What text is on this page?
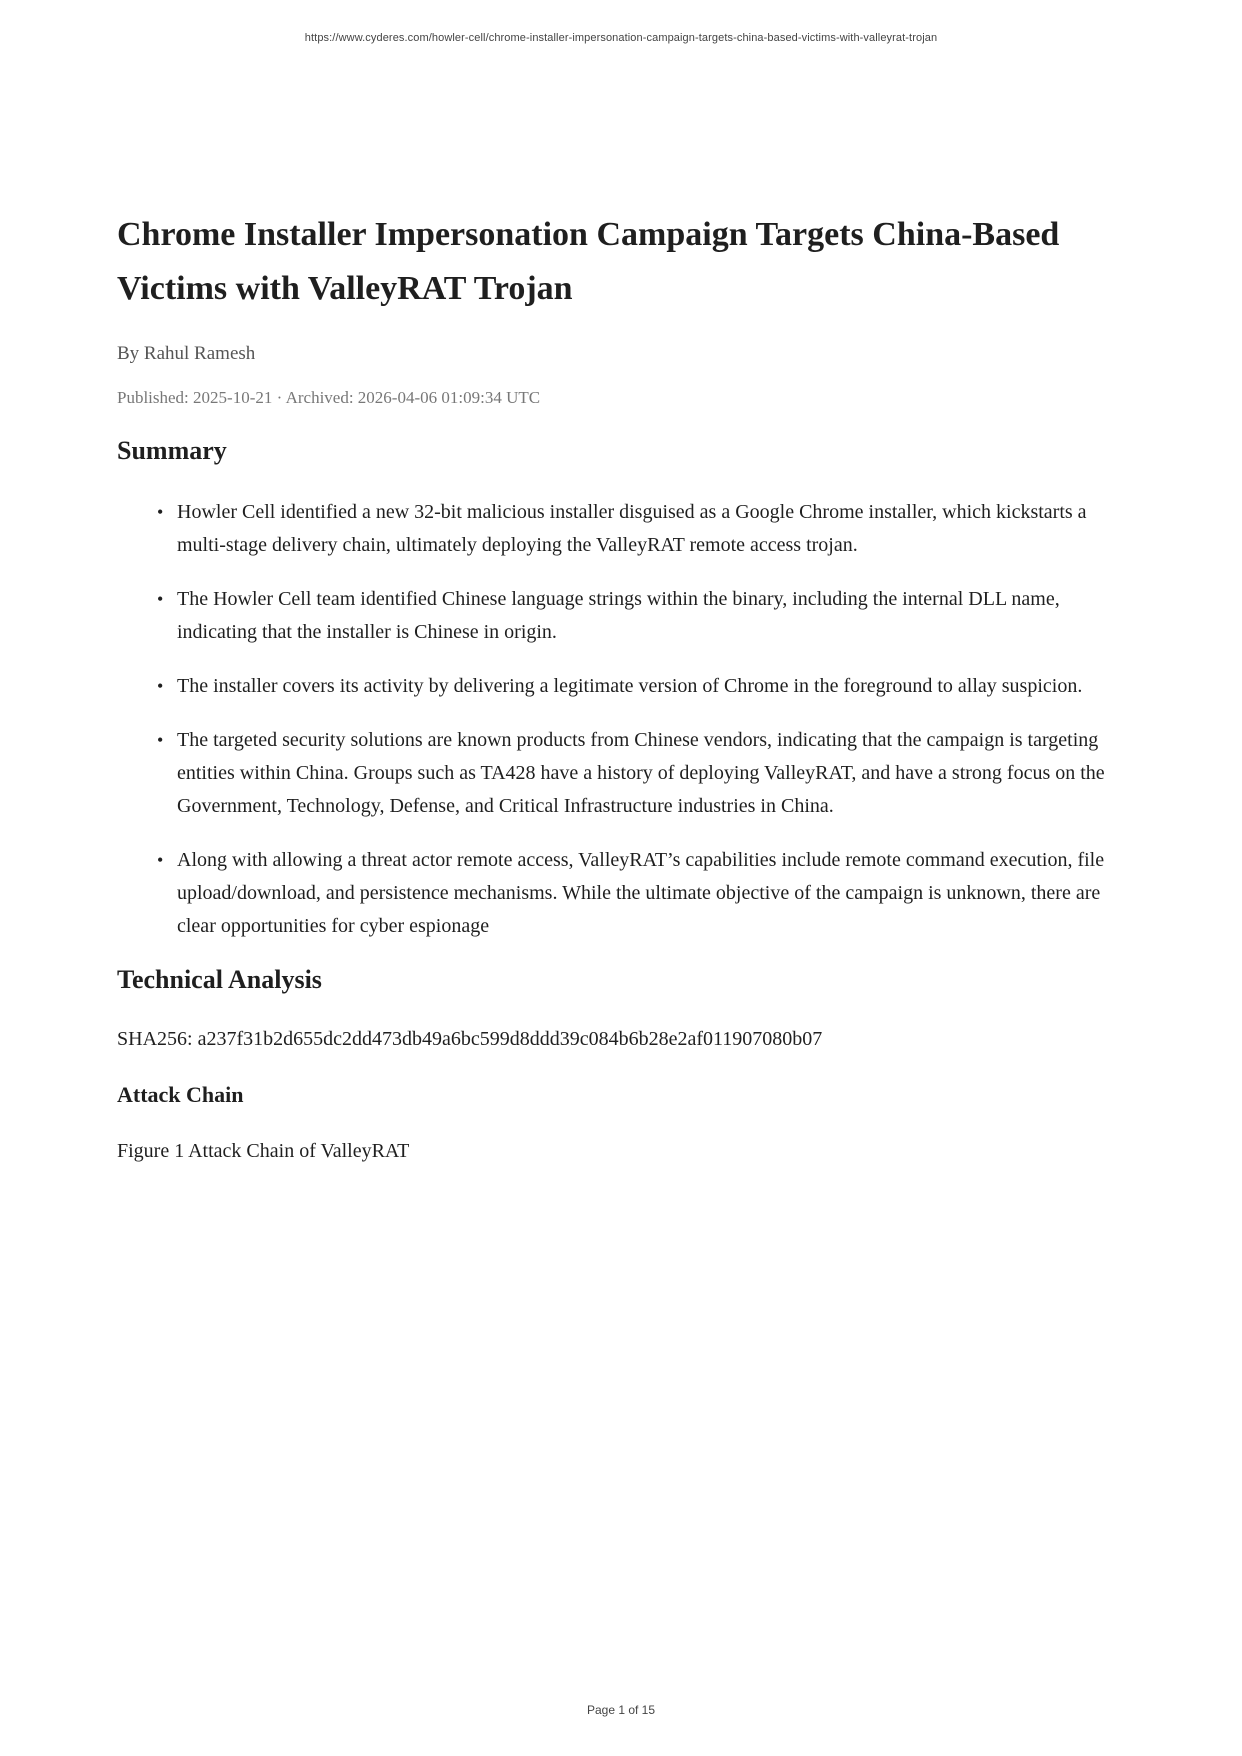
https://www.cyderes.com/howler-cell/chrome-installer-impersonation-campaign-targets-china-based-victims-with-valleyrat-trojan

Chrome Installer Impersonation Campaign Targets China-Based Victims with ValleyRAT Trojan

By Rahul Ramesh

Published: 2025-10-21 · Archived: 2026-04-06 01:09:34 UTC

Summary
• Howler Cell identified a new 32-bit malicious installer disguised as a Google Chrome installer, which kickstarts a multi-stage delivery chain, ultimately deploying the ValleyRAT remote access trojan.
• The Howler Cell team identified Chinese language strings within the binary, including the internal DLL name, indicating that the installer is Chinese in origin.
• The installer covers its activity by delivering a legitimate version of Chrome in the foreground to allay suspicion.
• The targeted security solutions are known products from Chinese vendors, indicating that the campaign is targeting entities within China. Groups such as TA428 have a history of deploying ValleyRAT, and have a strong focus on the Government, Technology, Defense, and Critical Infrastructure industries in China.
• Along with allowing a threat actor remote access, ValleyRAT’s capabilities include remote command execution, file upload/download, and persistence mechanisms. While the ultimate objective of the campaign is unknown, there are clear opportunities for cyber espionage
Technical Analysis

SHA256: a237f31b2d655dc2dd473db49a6bc599d8ddd39c084b6b28e2af011907080b07

Attack Chain

Figure 1 Attack Chain of ValleyRAT

Page 1 of 15
